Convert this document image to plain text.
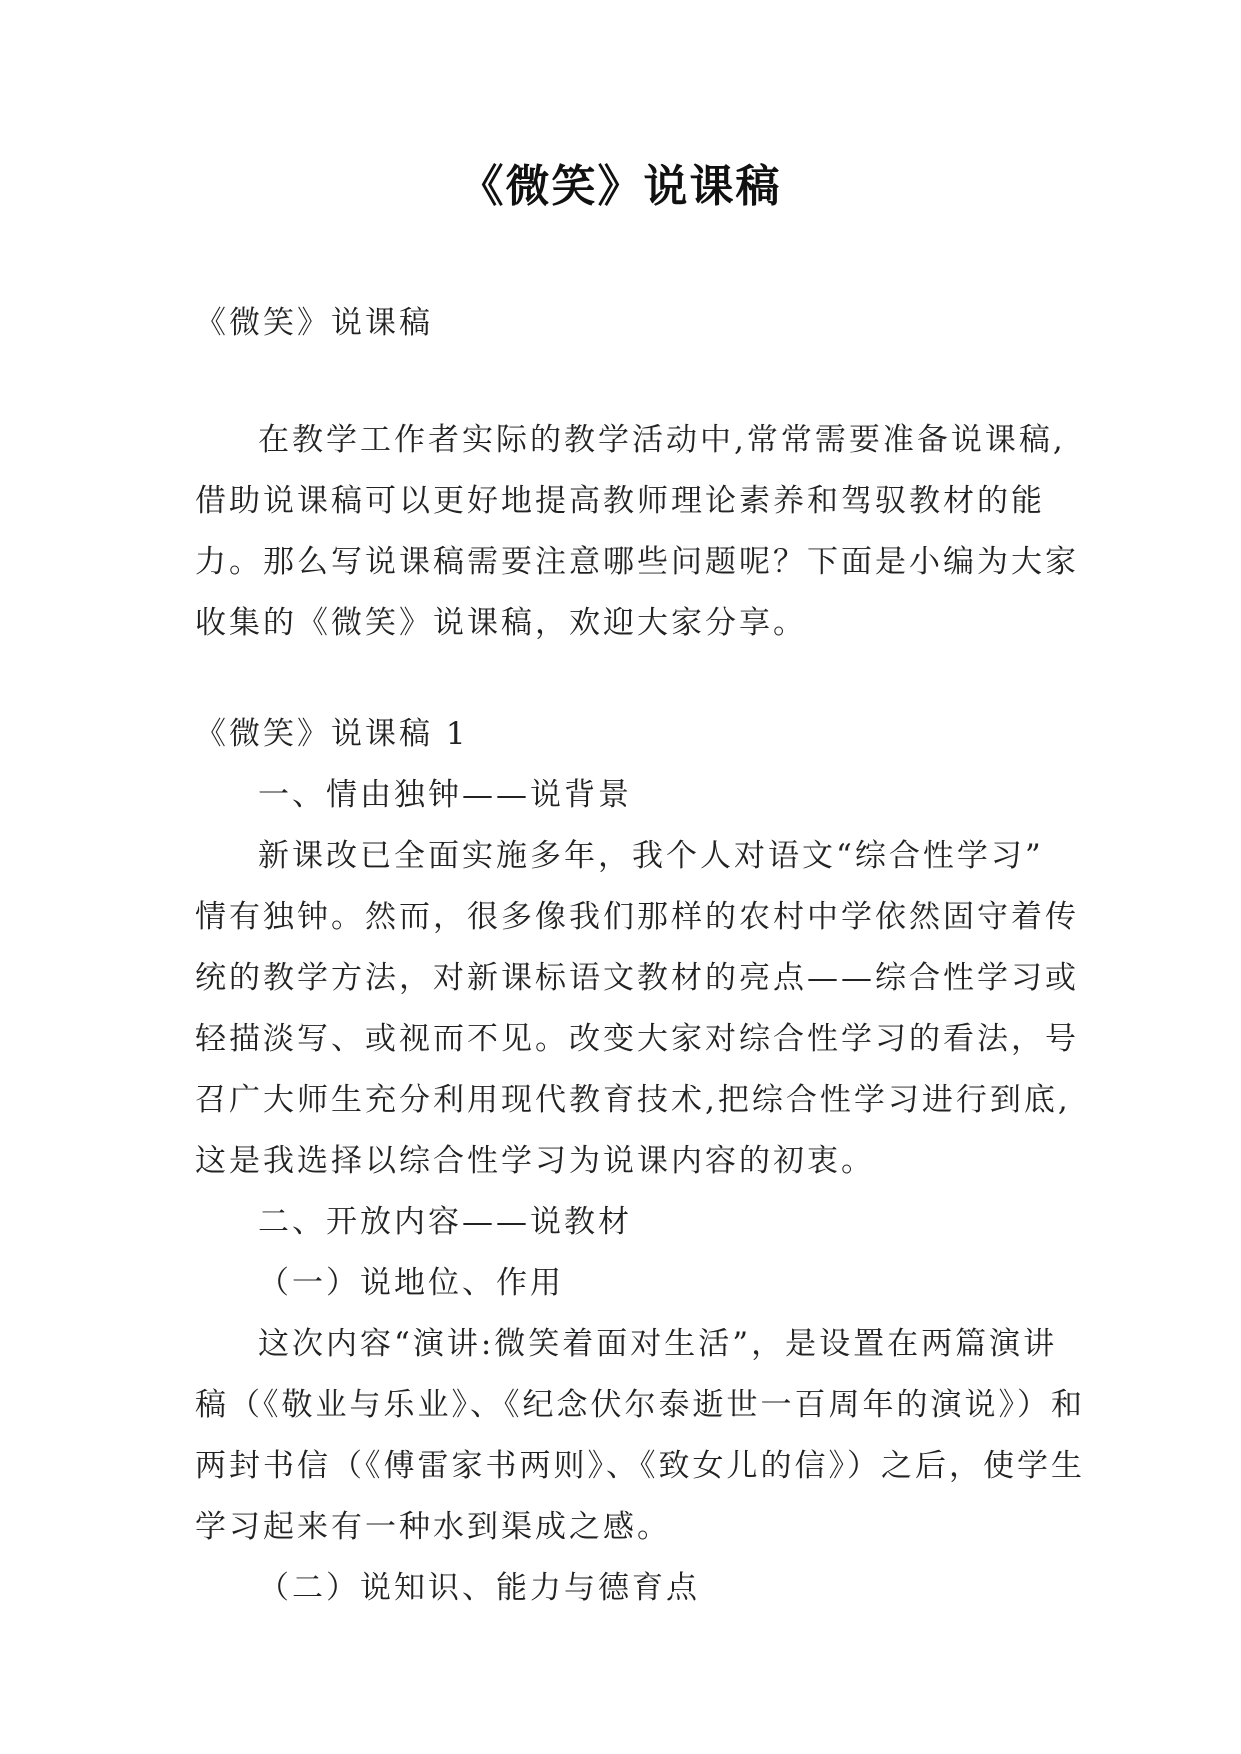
《微笑》说课稿

《微笑》说课稿

在教学工作者实际的教学活动中,常常需要准备说课稿,

借助说课稿可以更好地提高教师理论素养和驾驭教材的能

力。那么写说课稿需要注意哪些问题呢？下面是小编为大家

收集的《微笑》说课稿，欢迎大家分享。

《微笑》说课稿 1

一、情由独钟——说背景

新课改已全面实施多年，我个人对语文“综合性学习”

情有独钟。然而，很多像我们那样的农村中学依然固守着传

统的教学方法，对新课标语文教材的亮点——综合性学习或

轻描淡写、或视而不见。改变大家对综合性学习的看法，号

召广大师生充分利用现代教育技术,把综合性学习进行到底,

这是我选择以综合性学习为说课内容的初衷。

二、开放内容——说教材

（一）说地位、作用

这次内容“演讲:微笑着面对生活”，是设置在两篇演讲

稿（《敬业与乐业》、《纪念伏尔泰逝世一百周年的演说》）和

两封书信（《傅雷家书两则》、《致女儿的信》）之后，使学生

学习起来有一种水到渠成之感。

（二）说知识、能力与德育点
